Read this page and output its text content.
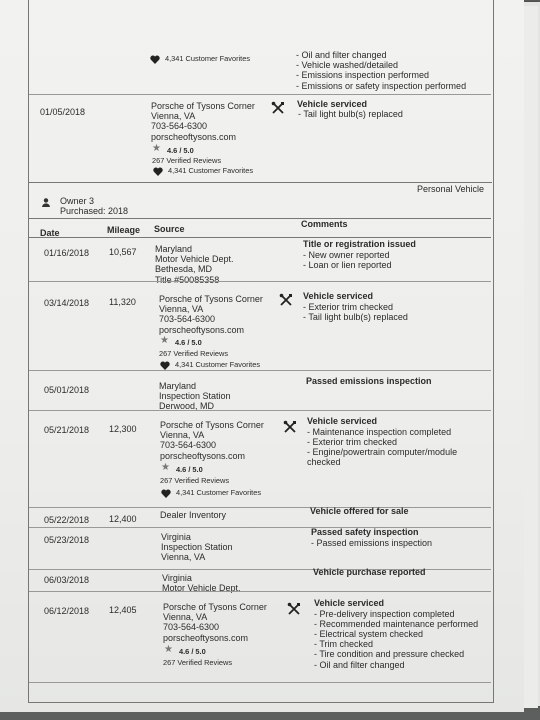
4,341 Customer Favorites	- Oil and filter changed
- Vehicle washed/detailed
- Emissions inspection performed
- Emissions or safety inspection performed
01/05/2018
Porsche of Tysons Corner
Vienna, VA
703-564-6300
porscheoftysons.com
★ 4.6 / 5.0
267 Verified Reviews
4,341 Customer Favorites
Vehicle serviced
- Tail light bulb(s) replaced
Owner 3
Purchased: 2018
Personal Vehicle
Date	Mileage Source	Comments
01/16/2018 10,567 Maryland
Motor Vehicle Dept.
Bethesda, MD
Title #50085358
Title or registration issued
- New owner reported
- Loan or lien reported
03/14/2018 11,320	Porsche of Tysons Corner
Vienna, VA
703-564-6300
porscheoftysons.com
★ 4.6 / 5.0
267 Verified Reviews
4,341 Customer Favorites
Vehicle serviced
- Exterior trim checked
- Tail light bulb(s) replaced
05/01/2018	Maryland
Inspection Station
Derwood, MD
Passed emissions inspection
05/21/2018 12,300	Porsche of Tysons Corner
Vienna, VA
703-564-6300
porscheoftysons.com
★ 4.6 / 5.0
267 Verified Reviews
4,341 Customer Favorites
Vehicle serviced
- Maintenance inspection completed
- Exterior trim checked
- Engine/powertrain computer/module
checked
05/22/2018 12,400	Dealer Inventory	Vehicle offered for sale
05/23/2018	Virginia
Inspection Station
Vienna, VA
Passed safety inspection
- Passed emissions inspection
06/03/2018	Virginia
Motor Vehicle Dept.
Vehicle purchase reported
06/12/2018 12,405	Porsche of Tysons Corner
Vienna, VA
703-564-6300
porscheoftysons.com
★ 4.6 / 5.0
267 Verified Reviews
Vehicle serviced
- Pre-delivery inspection completed
- Recommended maintenance performed
- Electrical system checked
- Trim checked
- Tire condition and pressure checked
- Oil and filter changed
